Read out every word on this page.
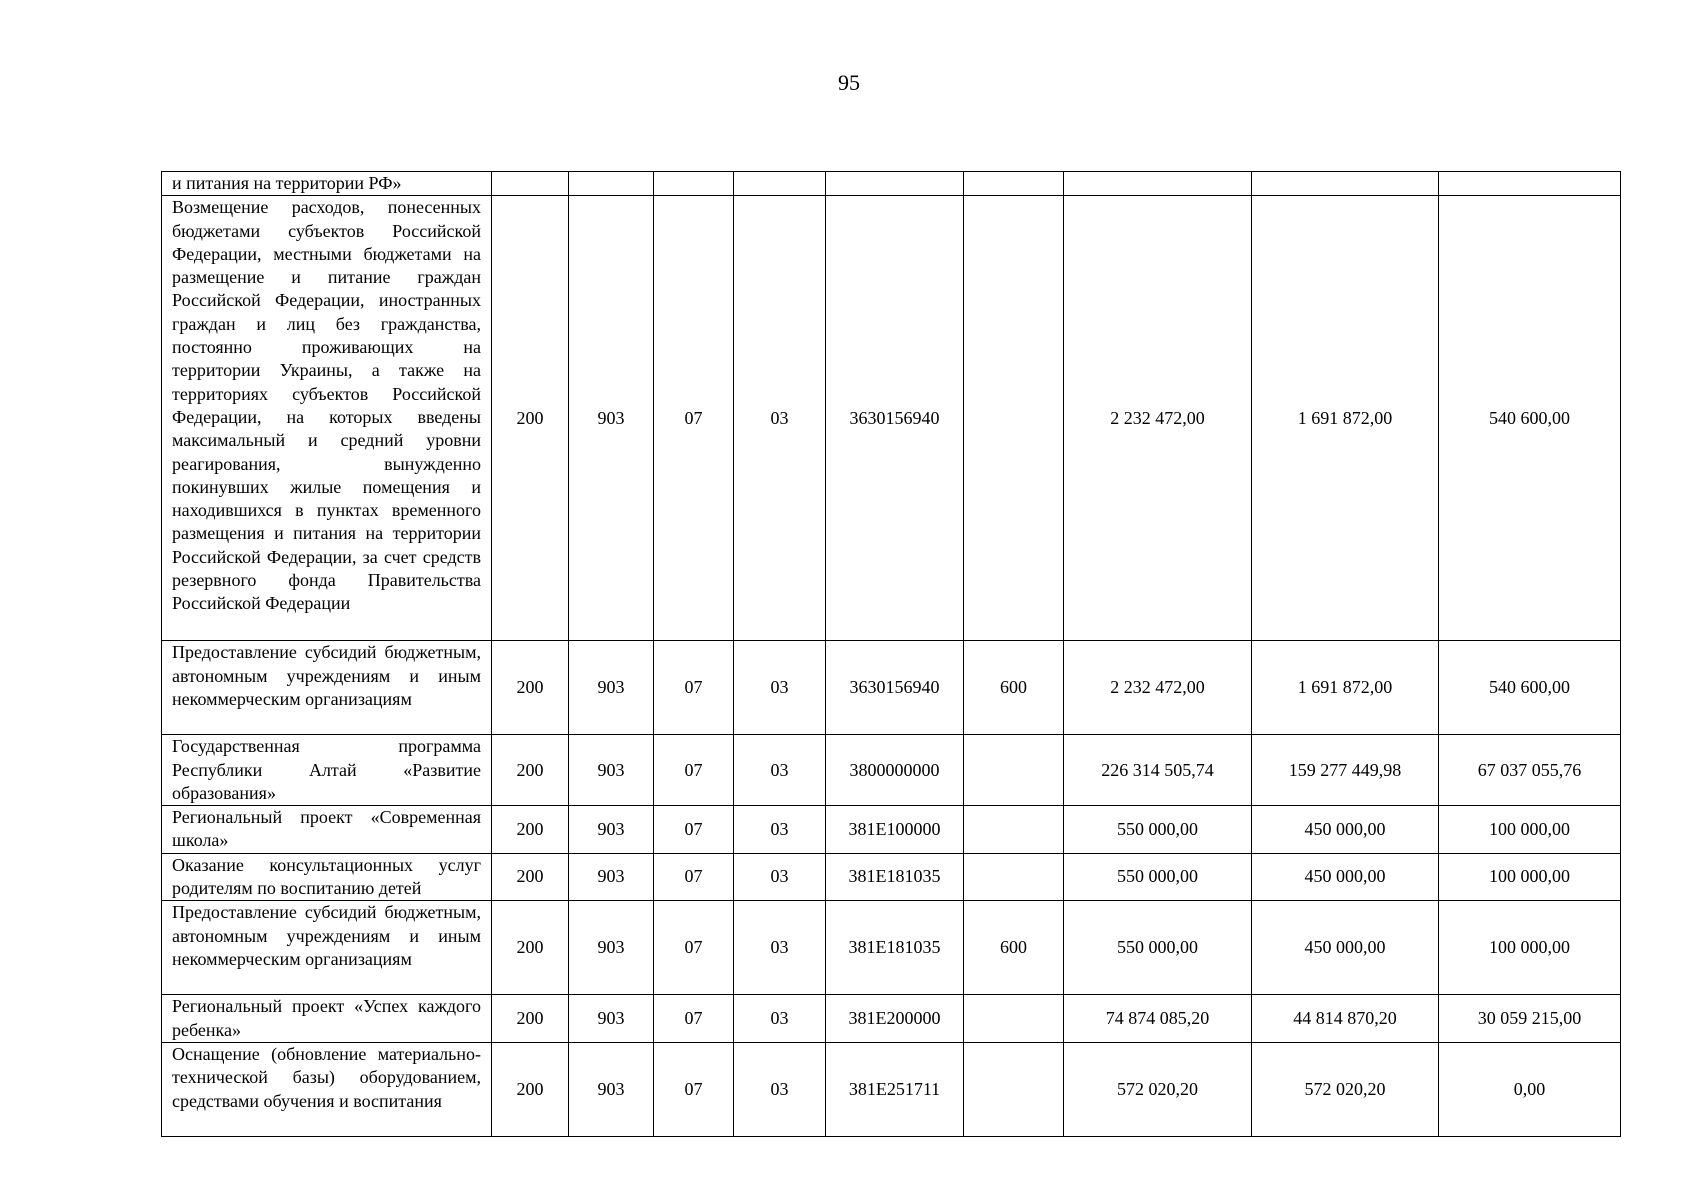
95
и питания на территории РФ»									
Возмещение расходов, понесенных бюджетами субъектов Российской Федерации, местными бюджетами на размещение и питание граждан Российской Федерации, иностранных граждан и лиц без гражданства, постоянно проживающих на территории Украины, а также на территориях субъектов Российской Федерации, на которых введены максимальный и средний уровни реагирования, вынужденно покинувших жилые помещения и находившихся в пунктах временного размещения и питания на территории Российской Федерации, за счет средств резервного фонда Правительства Российской Федерации	200	903	07	03	3630156940		2 232 472,00	1 691 872,00	540 600,00
Предоставление субсидий бюджетным, автономным учреждениям и иным некоммерческим организациям	200	903	07	03	3630156940	600	2 232 472,00	1 691 872,00	540 600,00
Государственная программа Республики Алтай «Развитие образования»	200	903	07	03	3800000000		226 314 505,74	159 277 449,98	67 037 055,76
Региональный проект «Современная школа»	200	903	07	03	381E100000		550 000,00	450 000,00	100 000,00
Оказание консультационных услуг родителям по воспитанию детей	200	903	07	03	381E181035		550 000,00	450 000,00	100 000,00
Предоставление субсидий бюджетным, автономным учреждениям и иным некоммерческим организациям	200	903	07	03	381E181035	600	550 000,00	450 000,00	100 000,00
Региональный проект «Успех каждого ребенка»	200	903	07	03	381E200000		74 874 085,20	44 814 870,20	30 059 215,00
Оснащение (обновление материально-технической базы) оборудованием, средствами обучения и воспитания	200	903	07	03	381E251711		572 020,20	572 020,20	0,00
